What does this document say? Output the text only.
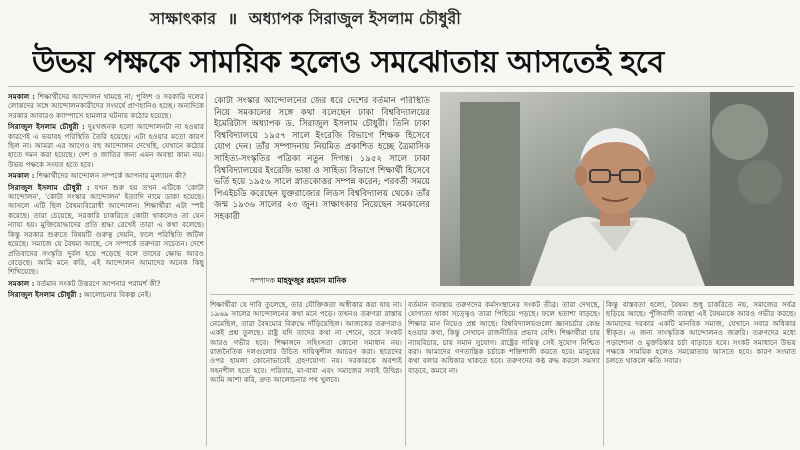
সাক্ষাৎকার ॥ অধ্যাপক সিরাজুল ইসলাম চৌধুরী
উভয় পক্ষকে সাময়িক হলেও সমঝোতায় আসতেই হবে

সমকাল : শিক্ষার্থীদের আন্দোলন থামছে না; পুলিশ ও সরকারি দলের লোকদের সঙ্গে আন্দোলনকারীদের সংঘর্ষে প্রাণহানিও হচ্ছে। অন্যদিকে সরকার আবারও ক্যাম্পাসে হামলার ঘটনায় কঠোর হয়েছে।

সিরাজুল ইসলাম চৌধুরী : দুঃখজনক হলো আন্দোলনটা না হওয়ার কারণেই এ ভয়াবহ পরিস্থিতি তৈরি হয়েছে। এটা হওয়ার মতো কারণ ছিল না। আমরা এর আগেও বহু আন্দোলন দেখেছি, যেখানে কঠোর হাতে দমন করা হয়েছে। দেশ ও জাতির জন্য এমন অবস্থা কাম্য নয়। উভয় পক্ষকে সংযত হতে হবে।

সমকাল : শিক্ষার্থীদের আন্দোলন সম্পর্কে আপনার মূল্যায়ন কী?

সিরাজুল ইসলাম চৌধুরী : যখন শুরু হয় তখন এটিকে 'কোটা আন্দোলন', 'কোটা সংস্কার আন্দোলন' ইত্যাদি নামে ডাকা হয়েছে। আসলে এটি ছিল বৈষম্যবিরোধী আন্দোলন। শিক্ষার্থীরা এটা স্পষ্ট করেছে। তারা চেয়েছে, সরকারি চাকরিতে কোটা থাকলেও তা যেন ন্যায্য হয়। মুক্তিযোদ্ধাদের প্রতি শ্রদ্ধা রেখেই তারা এ কথা বলেছে। কিন্তু সরকার শুরুতে বিষয়টি গুরুত্ব দেয়নি, ফলে পরিস্থিতি জটিল হয়েছে। সমাজে যে বৈষম্য আছে, সে সম্পর্কে তরুণরা সচেতন। দেশে প্রতিবাদের সংস্কৃতি দুর্বল হয়ে পড়েছে বলে তাদের ক্ষোভ আরও বেড়েছে। আমি মনে করি, এই আন্দোলন আমাদের অনেক কিছু শিখিয়েছে।

সমকাল : বর্তমান সংকট উত্তরণে আপনার পরামর্শ কী?

সিরাজুল ইসলাম চৌধুরী : আলোচনার বিকল্প নেই।

কোটা সংস্কার আন্দোলনের জের ধরে দেশের বর্তমান পরিস্থিতি নিয়ে সমকালের সঙ্গে কথা বলেছেন ঢাকা বিশ্ববিদ্যালয়ের ইমেরিটাস অধ্যাপক ড. সিরাজুল ইসলাম চৌধুরী। তিনি ঢাকা বিশ্ববিদ্যালয়ে ১৯৫৭ সালে ইংরেজি বিভাগে শিক্ষক হিসেবে যোগ দেন। তাঁর সম্পাদনায় নিয়মিত প্রকাশিত হচ্ছে ত্রৈমাসিক সাহিত্য-সংস্কৃতির পত্রিকা নতুন দিগন্ত। ১৯৫২ সালে ঢাকা বিশ্ববিদ্যালয়ের ইংরেজি ভাষা ও সাহিত্য বিভাগে শিক্ষার্থী হিসেবে ভর্তি হয়ে ১৯৫৬ সালে স্নাতকোত্তর সম্পন্ন করেন; পরবর্তী সময়ে পিএইচডি করেছেন যুক্তরাজ্যের লিডস বিশ্ববিদ্যালয় থেকে। তাঁর জন্ম ১৯৩৬ সালের ২৩ জুন। সাক্ষাৎকার নিয়েছেন সমকালের সহকারী
সম্পাদক মাহফুজুর রহমান মানিক
শিক্ষার্থীরা যে দাবি তুলেছে, তার যৌক্তিকতা অস্বীকার করা যায় না। ১৯৬৯ সালের আন্দোলনের কথা মনে পড়ে। তখনও তরুণরা রাস্তায় নেমেছিল, তারা বৈষম্যের বিরুদ্ধে দাঁড়িয়েছিল। আজকের তরুণরাও একই প্রশ্ন তুলছে। রাষ্ট্র যদি তাদের কথা না শোনে, তবে সংকট আরও গভীর হবে। শিক্ষাঙ্গনে সহিংসতা কোনো সমাধান নয়। রাজনৈতিক দলগুলোর উচিত দায়িত্বশীল আচরণ করা। ছাত্রদের ওপর হামলা কোনোভাবেই গ্রহণযোগ্য নয়। সরকারকে অবশ্যই সহনশীল হতে হবে। পরিবার, মা-বাবা এবং সমাজের সবাই উদ্বিগ্ন। আমি আশা করি, দ্রুত আলোচনার পথ খুলবে।
বর্তমান ব্যবস্থায় তরুণদের কর্মসংস্থানের সংকট তীব্র। তারা দেখছে, যোগ্যতা থাকা সত্ত্বেও তারা পিছিয়ে পড়ছে। ফলে হতাশা বাড়ছে। শিক্ষার মান নিয়েও প্রশ্ন আছে। বিশ্ববিদ্যালয়গুলো জ্ঞানচর্চার কেন্দ্র হওয়ার কথা, কিন্তু সেখানে রাজনীতির প্রভাব বেশি। শিক্ষার্থীরা চায় ন্যায়বিচার, চায় সমান সুযোগ। রাষ্ট্রের দায়িত্ব সেই সুযোগ নিশ্চিত করা। আমাদের গণতান্ত্রিক চর্চাকে শক্তিশালী করতে হবে। মানুষের কথা বলার অধিকার থাকতে হবে। তরুণদের কণ্ঠ রুদ্ধ করলে সমস্যা বাড়বে, কমবে না।
কিন্তু বাস্তবতা হলো, বৈষম্য শুধু চাকরিতে নয়, সমাজের সর্বত্র ছড়িয়ে আছে। পুঁজিবাদী ব্যবস্থা এই বৈষম্যকে আরও গভীর করছে। আমাদের দরকার একটি মানবিক সমাজ, যেখানে সবার অধিকার স্বীকৃত। এ জন্য সাংস্কৃতিক আন্দোলনও জরুরি। তরুণদের মধ্যে পড়াশোনা ও মুক্তচিন্তার চর্চা বাড়াতে হবে। সংকট সমাধানে উভয় পক্ষকে সাময়িক হলেও সমঝোতায় আসতে হবে। কারণ সংঘাত চলতে থাকলে ক্ষতি সবার।
